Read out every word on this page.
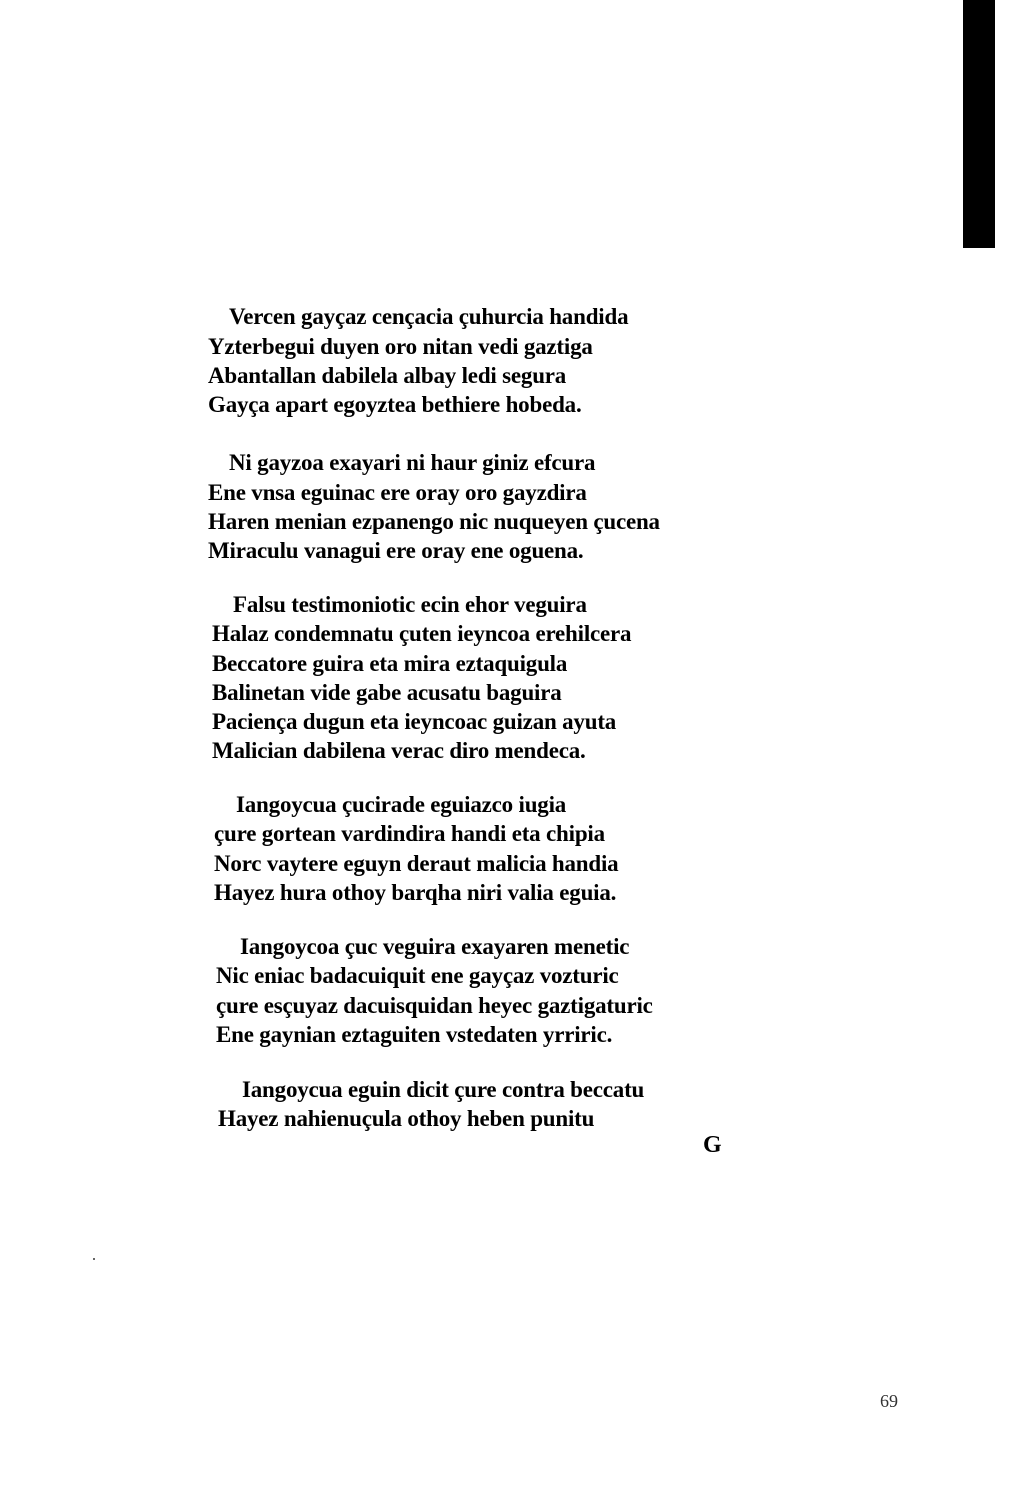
Vercen gayçaz cençacia çuhurcia handida
Yzterbegui duyen oro nitan vedi gaztiga
Abantallan dabilela albay ledi segura
Gayça apart egoyztea bethiere hobeda.
Ni gayzoa exayari ni haur giniz efcura
Ene vnsa eguinac ere oray oro gayzdira
Haren menian ezpanengo nic nuqueyen çucena
Miraculu vanagui ere oray ene oguena.
Falsu testimoniotic ecin ehor veguira
Halaz condemnatu çuten ieyncoa erehilcera
Beccatore guira eta mira eztaquigula
Balinetan vide gabe acusatu baguira
Paciença dugun eta ieyncoac guizan ayuta
Malician dabilena verac diro mendeca.
Iangoycua çucirade eguiazco iugia
çure gortean vardindira handi eta chipia
Norc vaytere eguyn deraut malicia handia
Hayez hura othoy barqha niri valia eguia.
Iangoycoa çuc veguira exayaren menetic
Nic eniac badacuiquit ene gayçaz vozturic
çure esçuyaz dacuisquidan heyec gaztigaturic
Ene gaynian eztaguiten vstedaten yrriric.
Iangoycua eguin dicit çure contra beccatu
Hayez nahienuçula othoy heben punitu
G
69
